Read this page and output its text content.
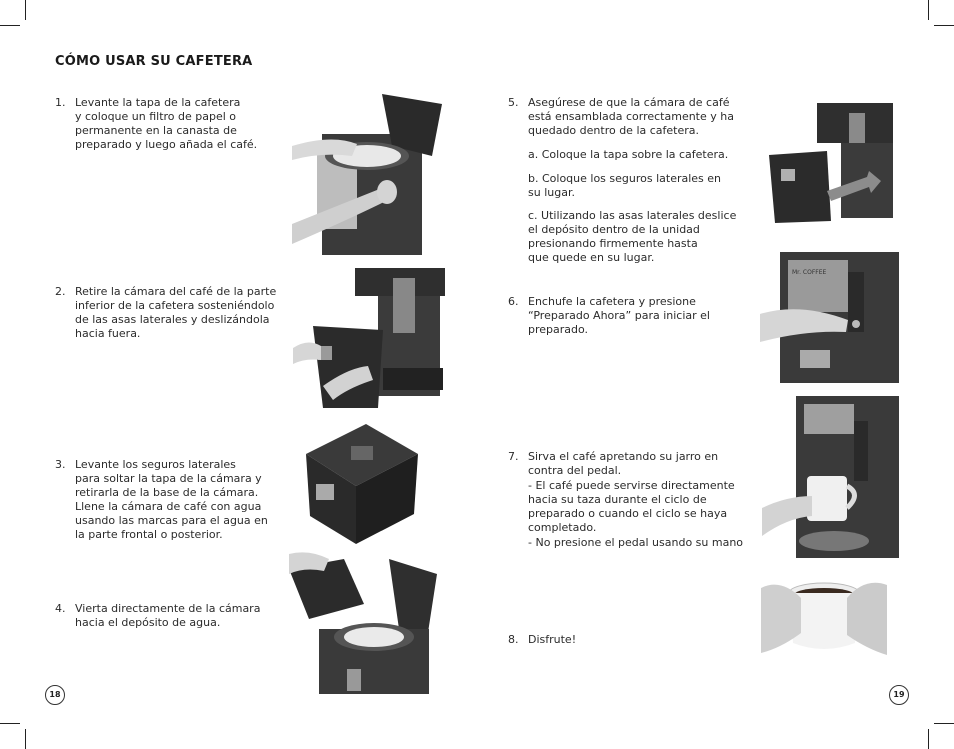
CÓMO USAR SU CAFETERA
1. Levante la tapa de la cafetera
y coloque un filtro de papel o
permanente en la canasta de
preparado y luego añada el café.
2. Retire la cámara del café de la parte
inferior de la cafetera sosteniéndolo
de las asas laterales y deslizándola
hacia fuera.
3. Levante los seguros laterales
para soltar la tapa de la cámara y
retirarla de la base de la cámara.
Llene la cámara de café con agua
usando las marcas para el agua en
la parte frontal o posterior.
4. Vierta directamente de la cámara
hacia el depósito de agua.
5. Asegúrese de que la cámara de café
está ensamblada correctamente y ha
quedado dentro de la cafetera.
a. Coloque la tapa sobre la cafetera.
b. Coloque los seguros laterales en
su lugar.
c. Utilizando las asas laterales deslice
el depósito dentro de la unidad
presionando firmemente hasta
que quede en su lugar.
6. Enchufe la cafetera y presione
“Preparado Ahora” para iniciar el
preparado.
7. Sirva el café apretando su jarro en
contra del pedal.
- El café puede servirse directamente
hacia su taza durante el ciclo de
preparado o cuando el ciclo se haya
completado.
- No presione el pedal usando su mano
8. Disfrute!
Mr. COFFEE
18	19
